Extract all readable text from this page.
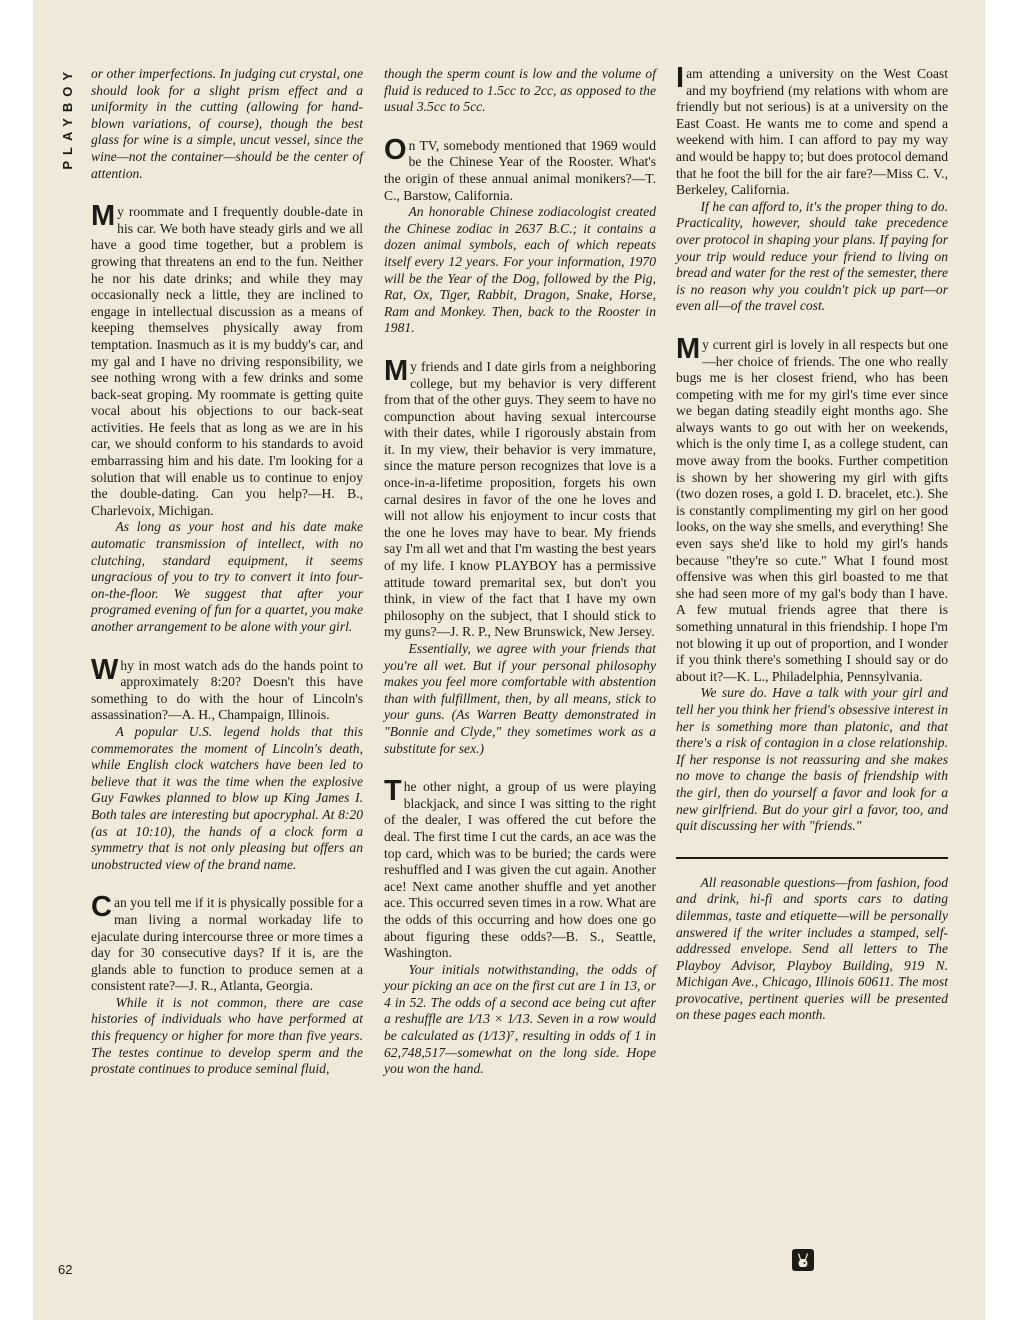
PLAYBOY
62

or other imperfections. In judging cut crystal, one should look for a slight prism effect and a uniformity in the cutting (allowing for hand-blown variations, of course), though the best glass for wine is a simple, uncut vessel, since the wine—not the container—should be the center of attention.

My roommate and I frequently double-date in his car. We both have steady girls and we all have a good time together, but a problem is growing that threatens an end to the fun. Neither he nor his date drinks; and while they may occasionally neck a little, they are inclined to engage in intellectual discussion as a means of keeping themselves physically away from temptation. Inasmuch as it is my buddy's car, and my gal and I have no driving responsibility, we see nothing wrong with a few drinks and some back-seat groping. My roommate is getting quite vocal about his objections to our back-seat activities. He feels that as long as we are in his car, we should conform to his standards to avoid embarrassing him and his date. I'm looking for a solution that will enable us to continue to enjoy the double-dating. Can you help?—H. B., Charlevoix, Michigan.

As long as your host and his date make automatic transmission of intellect, with no clutching, standard equipment, it seems ungracious of you to try to convert it into four-on-the-floor. We suggest that after your programed evening of fun for a quartet, you make another arrangement to be alone with your girl.

Why in most watch ads do the hands point to approximately 8:20? Doesn't this have something to do with the hour of Lincoln's assassination?—A. H., Champaign, Illinois.

A popular U.S. legend holds that this commemorates the moment of Lincoln's death, while English clock watchers have been led to believe that it was the time when the explosive Guy Fawkes planned to blow up King James I. Both tales are interesting but apocryphal. At 8:20 (as at 10:10), the hands of a clock form a symmetry that is not only pleasing but offers an unobstructed view of the brand name.

Can you tell me if it is physically possible for a man living a normal workaday life to ejaculate during intercourse three or more times a day for 30 consecutive days? If it is, are the glands able to function to produce semen at a consistent rate?—J. R., Atlanta, Georgia.

While it is not common, there are case histories of individuals who have performed at this frequency or higher for more than five years. The testes continue to develop sperm and the prostate continues to produce seminal fluid,

though the sperm count is low and the volume of fluid is reduced to 1.5cc to 2cc, as opposed to the usual 3.5cc to 5cc.

On TV, somebody mentioned that 1969 would be the Chinese Year of the Rooster. What's the origin of these annual animal monikers?—T. C., Barstow, California.

An honorable Chinese zodiacologist created the Chinese zodiac in 2637 B.C.; it contains a dozen animal symbols, each of which repeats itself every 12 years. For your information, 1970 will be the Year of the Dog, followed by the Pig, Rat, Ox, Tiger, Rabbit, Dragon, Snake, Horse, Ram and Monkey. Then, back to the Rooster in 1981.

My friends and I date girls from a neighboring college, but my behavior is very different from that of the other guys. They seem to have no compunction about having sexual intercourse with their dates, while I rigorously abstain from it. In my view, their behavior is very immature, since the mature person recognizes that love is a once-in-a-lifetime proposition, forgets his own carnal desires in favor of the one he loves and will not allow his enjoyment to incur costs that the one he loves may have to bear. My friends say I'm all wet and that I'm wasting the best years of my life. I know PLAYBOY has a permissive attitude toward premarital sex, but don't you think, in view of the fact that I have my own philosophy on the subject, that I should stick to my guns?—J. R. P., New Brunswick, New Jersey.

Essentially, we agree with your friends that you're all wet. But if your personal philosophy makes you feel more comfortable with abstention than with fulfillment, then, by all means, stick to your guns. (As Warren Beatty demonstrated in "Bonnie and Clyde," they sometimes work as a substitute for sex.)

The other night, a group of us were playing blackjack, and since I was sitting to the right of the dealer, I was offered the cut before the deal. The first time I cut the cards, an ace was the top card, which was to be buried; the cards were reshuffled and I was given the cut again. Another ace! Next came another shuffle and yet another ace. This occurred seven times in a row. What are the odds of this occurring and how does one go about figuring these odds?—B. S., Seattle, Washington.

Your initials notwithstanding, the odds of your picking an ace on the first cut are 1 in 13, or 4 in 52. The odds of a second ace being cut after a reshuffle are 1⁄13 × 1⁄13. Seven in a row would be calculated as (1⁄13)⁷, resulting in odds of 1 in 62,748,517—somewhat on the long side. Hope you won the hand.

I am attending a university on the West Coast and my boyfriend (my relations with whom are friendly but not serious) is at a university on the East Coast. He wants me to come and spend a weekend with him. I can afford to pay my way and would be happy to; but does protocol demand that he foot the bill for the air fare?—Miss C. V., Berkeley, California.

If he can afford to, it's the proper thing to do. Practicality, however, should take precedence over protocol in shaping your plans. If paying for your trip would reduce your friend to living on bread and water for the rest of the semester, there is no reason why you couldn't pick up part—or even all—of the travel cost.

My current girl is lovely in all respects but one—her choice of friends. The one who really bugs me is her closest friend, who has been competing with me for my girl's time ever since we began dating steadily eight months ago. She always wants to go out with her on weekends, which is the only time I, as a college student, can move away from the books. Further competition is shown by her showering my girl with gifts (two dozen roses, a gold I. D. bracelet, etc.). She is constantly complimenting my girl on her good looks, on the way she smells, and everything! She even says she'd like to hold my girl's hands because "they're so cute." What I found most offensive was when this girl boasted to me that she had seen more of my gal's body than I have. A few mutual friends agree that there is something unnatural in this friendship. I hope I'm not blowing it up out of proportion, and I wonder if you think there's something I should say or do about it?—K. L., Philadelphia, Pennsylvania.

We sure do. Have a talk with your girl and tell her you think her friend's obsessive interest in her is something more than platonic, and that there's a risk of contagion in a close relationship. If her response is not reassuring and she makes no move to change the basis of friendship with the girl, then do yourself a favor and look for a new girlfriend. But do your girl a favor, too, and quit discussing her with "friends."

All reasonable questions—from fashion, food and drink, hi-fi and sports cars to dating dilemmas, taste and etiquette—will be personally answered if the writer includes a stamped, self-addressed envelope. Send all letters to The Playboy Advisor, Playboy Building, 919 N. Michigan Ave., Chicago, Illinois 60611. The most provocative, pertinent queries will be presented on these pages each month.
